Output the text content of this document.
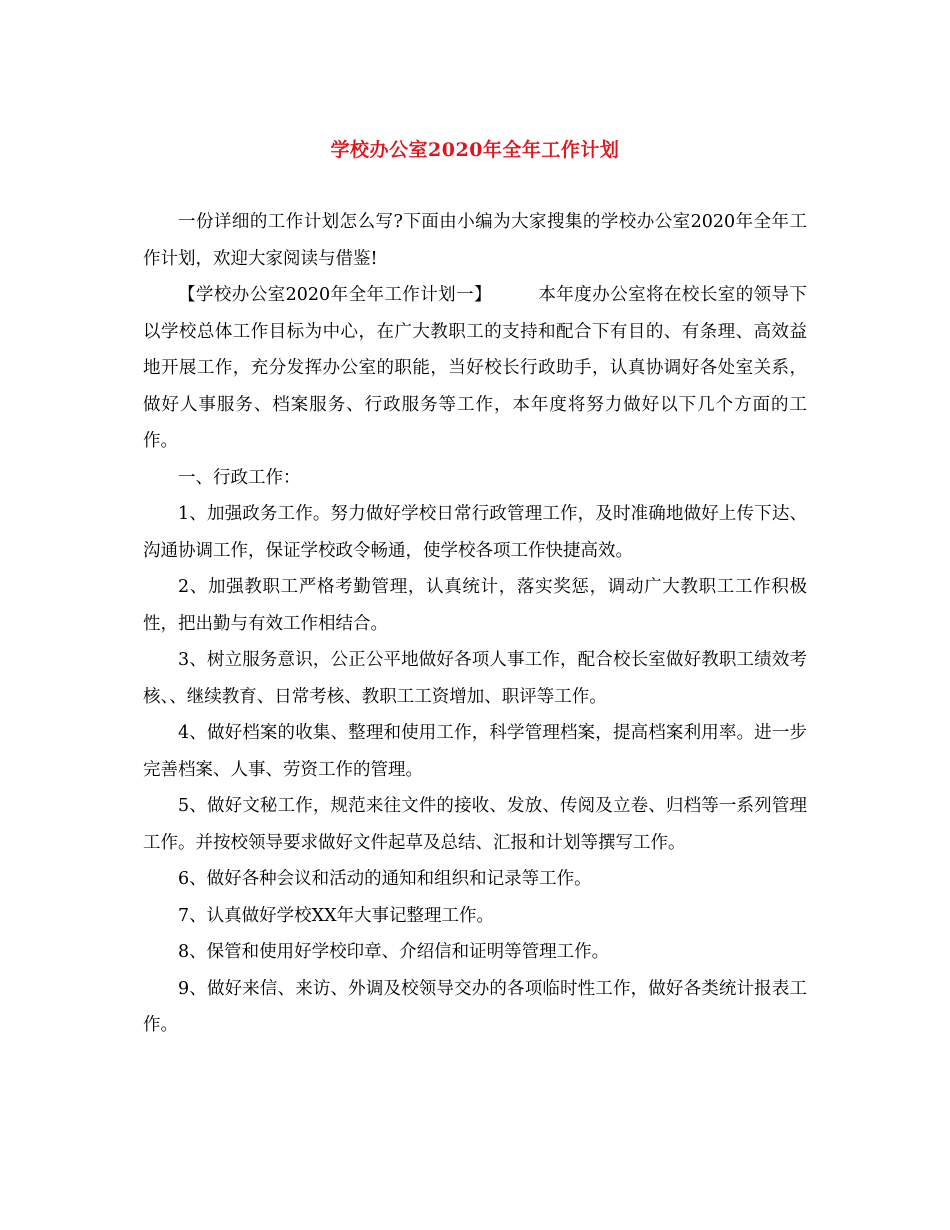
学校办公室2020年全年工作计划

一份详细的工作计划怎么写?下面由小编为大家搜集的学校办公室2020年全年工作计划，欢迎大家阅读与借鉴!

【学校办公室2020年全年工作计划一】	本年度办公室将在校长室的领导下以学校总体工作目标为中心，在广大教职工的支持和配合下有目的、有条理、高效益地开展工作，充分发挥办公室的职能，当好校长行政助手，认真协调好各处室关系，做好人事服务、档案服务、行政服务等工作，本年度将努力做好以下几个方面的工作。

一、行政工作：

1、加强政务工作。努力做好学校日常行政管理工作，及时准确地做好上传下达、沟通协调工作，保证学校政令畅通，使学校各项工作快捷高效。

2、加强教职工严格考勤管理，认真统计，落实奖惩，调动广大教职工工作积极性，把出勤与有效工作相结合。

3、树立服务意识，公正公平地做好各项人事工作，配合校长室做好教职工绩效考核、、继续教育、日常考核、教职工工资增加、职评等工作。

4、做好档案的收集、整理和使用工作，科学管理档案，提高档案利用率。进一步完善档案、人事、劳资工作的管理。

5、做好文秘工作，规范来往文件的接收、发放、传阅及立卷、归档等一系列管理工作。并按校领导要求做好文件起草及总结、汇报和计划等撰写工作。

6、做好各种会议和活动的通知和组织和记录等工作。

7、认真做好学校XX年大事记整理工作。

8、保管和使用好学校印章、介绍信和证明等管理工作。

9、做好来信、来访、外调及校领导交办的各项临时性工作，做好各类统计报表工作。
